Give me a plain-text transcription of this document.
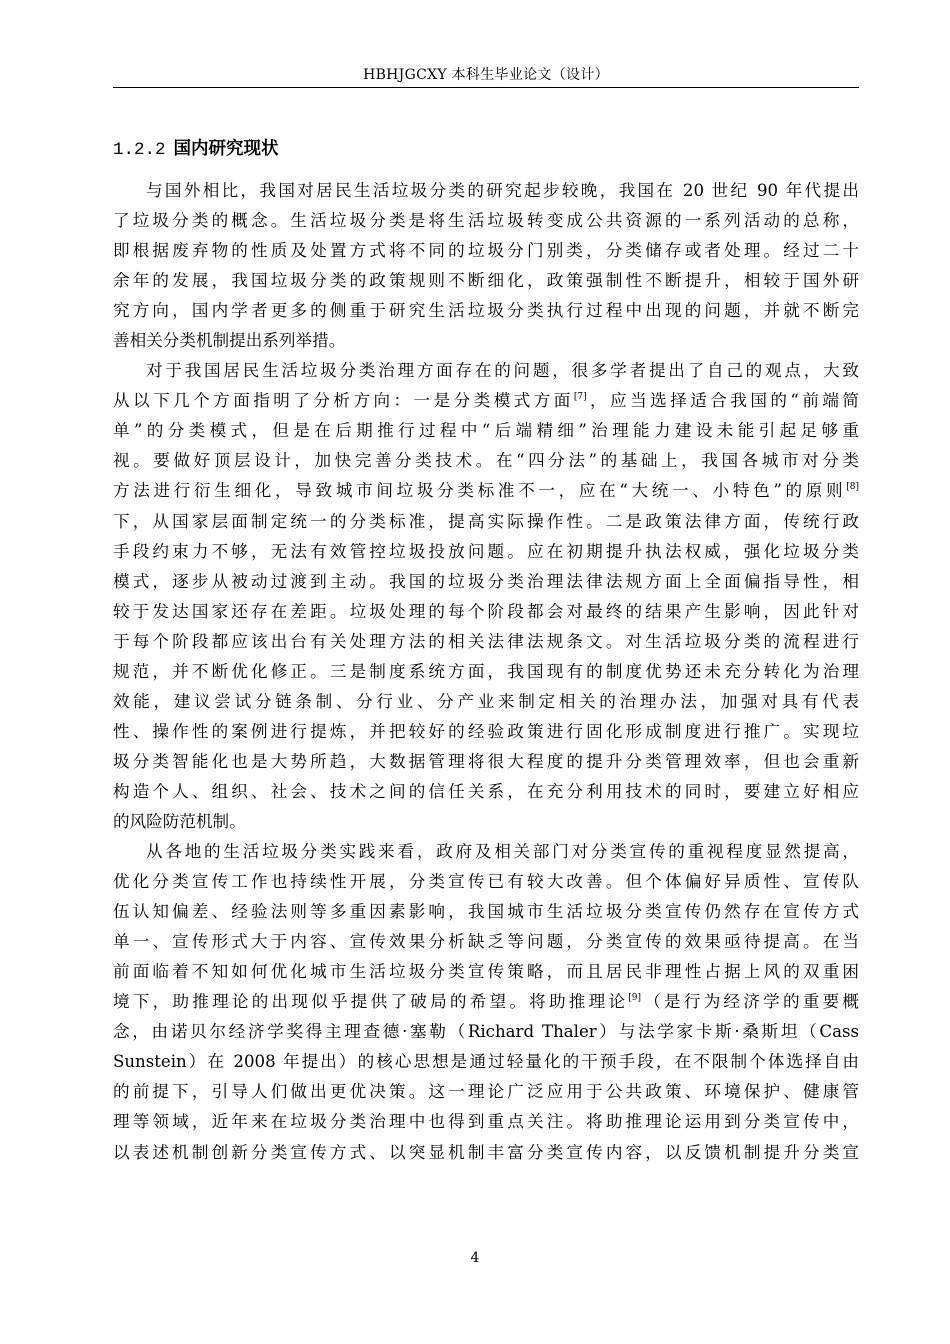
HBHJGCXY 本科生毕业论文（设计）
1.2.2 国内研究现状
与国外相比，我国对居民生活垃圾分类的研究起步较晚，我国在 20 世纪 90 年代提出
了垃圾分类的概念。生活垃圾分类是将生活垃圾转变成公共资源的一系列活动的总称，
即根据废弃物的性质及处置方式将不同的垃圾分门别类，分类储存或者处理。经过二十
余年的发展，我国垃圾分类的政策规则不断细化，政策强制性不断提升，相较于国外研
究方向，国内学者更多的侧重于研究生活垃圾分类执行过程中出现的问题，并就不断完
善相关分类机制提出系列举措。
对于我国居民生活垃圾分类治理方面存在的问题，很多学者提出了自己的观点，大致
从以下几个方面指明了分析方向：一是分类模式方面[7]，应当选择适合我国的“前端简
单”的分类模式，但是在后期推行过程中“后端精细”治理能力建设未能引起足够重
视。要做好顶层设计，加快完善分类技术。在“四分法”的基础上，我国各城市对分类
方法进行衍生细化，导致城市间垃圾分类标准不一，应在“大统一、小特色”的原则[8]
下，从国家层面制定统一的分类标准，提高实际操作性。二是政策法律方面，传统行政
手段约束力不够，无法有效管控垃圾投放问题。应在初期提升执法权威，强化垃圾分类
模式，逐步从被动过渡到主动。我国的垃圾分类治理法律法规方面上全面偏指导性，相
较于发达国家还存在差距。垃圾处理的每个阶段都会对最终的结果产生影响，因此针对
于每个阶段都应该出台有关处理方法的相关法律法规条文。对生活垃圾分类的流程进行
规范，并不断优化修正。三是制度系统方面，我国现有的制度优势还未充分转化为治理
效能，建议尝试分链条制、分行业、分产业来制定相关的治理办法，加强对具有代表
性、操作性的案例进行提炼，并把较好的经验政策进行固化形成制度进行推广。实现垃
圾分类智能化也是大势所趋，大数据管理将很大程度的提升分类管理效率，但也会重新
构造个人、组织、社会、技术之间的信任关系，在充分利用技术的同时，要建立好相应
的风险防范机制。
从各地的生活垃圾分类实践来看，政府及相关部门对分类宣传的重视程度显然提高，
优化分类宣传工作也持续性开展，分类宣传已有较大改善。但个体偏好异质性、宣传队
伍认知偏差、经验法则等多重因素影响，我国城市生活垃圾分类宣传仍然存在宣传方式
单一、宣传形式大于内容、宣传效果分析缺乏等问题，分类宣传的效果亟待提高。在当
前面临着不知如何优化城市生活垃圾分类宣传策略，而且居民非理性占据上风的双重困
境下，助推理论的出现似乎提供了破局的希望。将助推理论[9]（是行为经济学的重要概
念，由诺贝尔经济学奖得主理查德·塞勒（Richard Thaler）与法学家卡斯·桑斯坦（Cass
Sunstein）在 2008 年提出）的核心思想是通过轻量化的干预手段，在不限制个体选择自由
的前提下，引导人们做出更优决策。这一理论广泛应用于公共政策、环境保护、健康管
理等领域，近年来在垃圾分类治理中也得到重点关注。将助推理论运用到分类宣传中，
以表述机制创新分类宣传方式、以突显机制丰富分类宣传内容，以反馈机制提升分类宣
4
